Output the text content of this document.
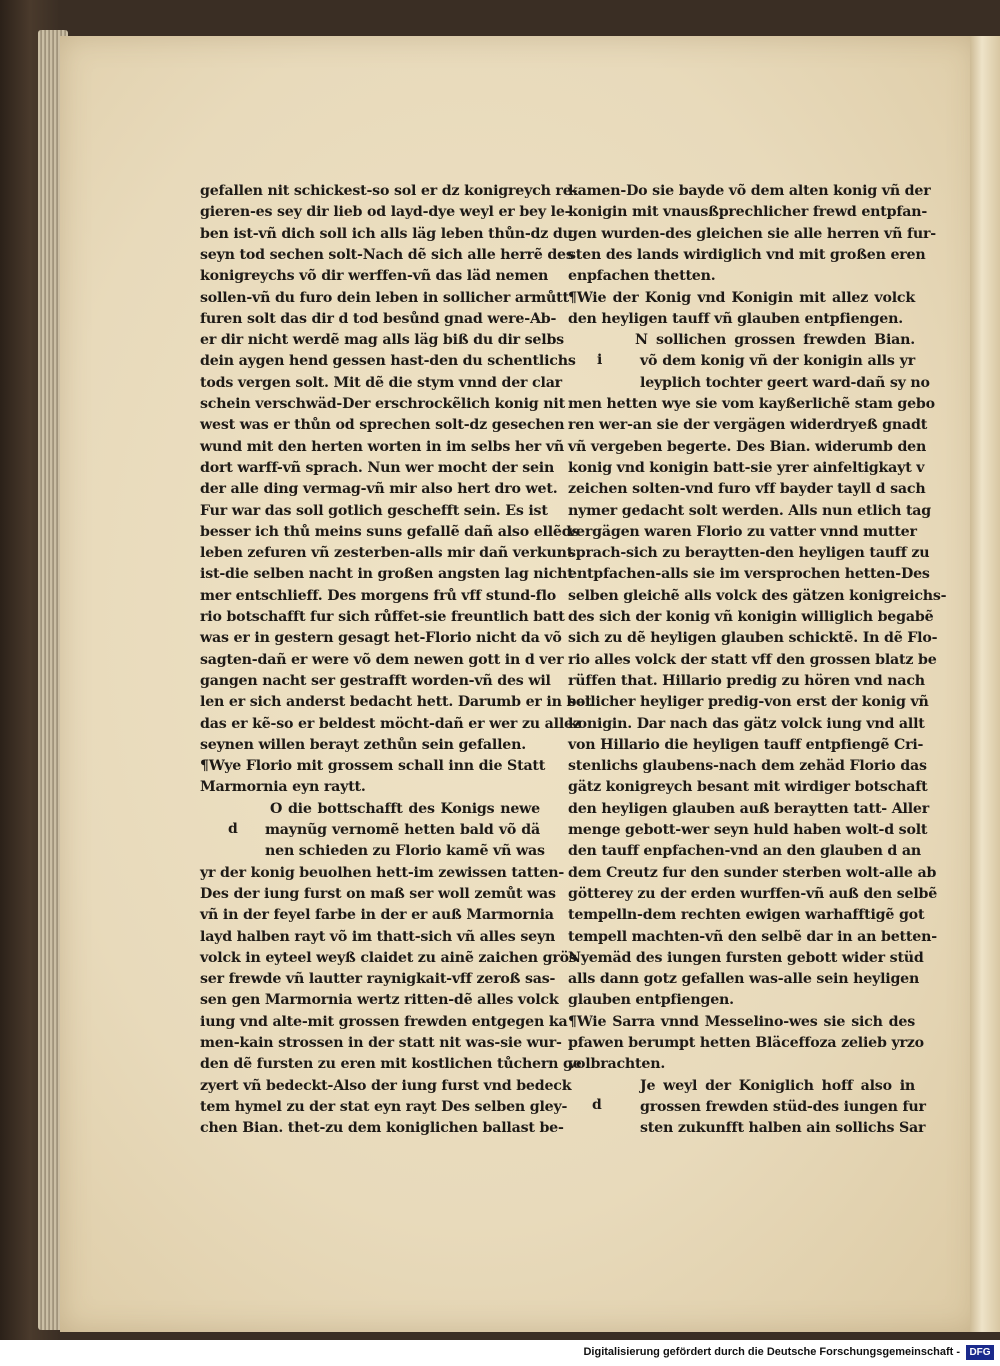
gefallen nit schickest-so sol er dz konigreych re-
gieren-es sey dir lieb od layd-dye weyl er bey le-
ben ist-vñ dich soll ich alls läg leben thůn-dz du
seyn tod sechen solt-Nach dẽ sich alle herrẽ des
konigreychs võ dir werffen-vñ das läd nemen
sollen-vñ du furo dein leben in sollicher armůtt
furen solt das dir d tod besůnd gnad were-Ab-
er dir nicht werdẽ mag alls läg biß du dir selbs
dein aygen hend gessen hast-den du schentlichs
tods vergen solt. Mit dẽ die stym vnnd der clar
schein verschwäd-Der erschrockẽlich konig nit
west was er thůn od sprechen solt-dz gesechen
wund mit den herten worten in im selbs her vñ
dort warff-vñ sprach. Nun wer mocht der sein
der alle ding vermag-vñ mir also hert dro wet.
Fur war das soll gotlich geschefft sein. Es ist
besser ich thů meins suns gefallẽ dañ also ellẽds
leben zefuren vñ zesterben-alls mir dañ verkunt
ist-die selben nacht in großen angsten lag nicht
mer entschlieff. Des morgens frů vff stund-flo
rio botschafft fur sich růffet-sie freuntlich batt
was er in gestern gesagt het-Florio nicht da võ
sagten-dañ er were võ dem newen gott in d ver
gangen nacht ser gestrafft worden-vñ des wil
len er sich anderst bedacht hett. Darumb er in bet
das er kẽ-so er beldest möcht-dañ er wer zu allez
seynen willen berayt zethůn sein gefallen.
¶Wye Florio mit grossem schall inn die Statt
Marmornia eyn raytt.
O die bottschafft des Konigs newe
maynũg vernomẽ hetten bald võ dä
nen schieden zu Florio kamẽ vñ was
yr der konig beuolhen hett-im zewissen tatten-
Des der iung furst on maß ser woll zemůt was
vñ in der feyel farbe in der er auß Marmornia
layd halben rayt võ im thatt-sich vñ alles seyn
volck in eyteel weyß claidet zu ainẽ zaichen grös
ser frewde vñ lautter raynigkait-vff zeroß sas-
sen gen Marmornia wertz ritten-dẽ alles volck
iung vnd alte-mit grossen frewden entgegen ka
men-kain strossen in der statt nit was-sie wur-
den dẽ fursten zu eren mit kostlichen tůchern ge
zyert vñ bedeckt-Also der iung furst vnd bedeck
tem hymel zu der stat eyn rayt Des selben gley-
chen Bian. thet-zu dem koniglichen ballast be-
kamen-Do sie bayde võ dem alten konig vñ der
konigin mit vnausßprechlicher frewd entpfan-
gen wurden-des gleichen sie alle herren vñ fur-
sten des lands wirdiglich vnd mit großen eren
enpfachen thetten.
¶Wie der Konig vnd Konigin mit allez volck
den heyligen tauff vñ glauben entpfiengen.
N sollichen grossen frewden Bian.
võ dem konig vñ der konigin alls yr
leyplich tochter geert ward-dañ sy no
men hetten wye sie vom kayßerlichẽ stam gebo
ren wer-an sie der vergägen widerdryeß gnadt
vñ vergeben begerte. Des Bian. widerumb den
konig vnd konigin batt-sie yrer ainfeltigkayt v
zeichen solten-vnd furo vff bayder tayll d sach
nymer gedacht solt werden. Alls nun etlich tag
vergägen waren Florio zu vatter vnnd mutter
sprach-sich zu beraytten-den heyligen tauff zu
entpfachen-alls sie im versprochen hetten-Des
selben gleichẽ alls volck des gätzen konigreichs-
des sich der konig vñ konigin williglich begabẽ
sich zu dẽ heyligen glauben schicktẽ. In dẽ Flo-
rio alles volck der statt vff den grossen blatz be
rüffen that. Hillario predig zu hören vnd nach
sollicher heyliger predig-von erst der konig vñ
konigin. Dar nach das gätz volck iung vnd allt
von Hillario die heyligen tauff entpfiengẽ Cri-
stenlichs glaubens-nach dem zehäd Florio das
gätz konigreych besant mit wirdiger botschaft
den heyligen glauben auß beraytten tatt- Aller
menge gebott-wer seyn huld haben wolt-d solt
den tauff enpfachen-vnd an den glauben d an
dem Creutz fur den sunder sterben wolt-alle ab
götterey zu der erden wurffen-vñ auß den selbẽ
tempelln-dem rechten ewigen warhafftigẽ got
tempell machten-vñ den selbẽ dar in an betten-
Nyemäd des iungen fursten gebott wider stüd
alls dann gotz gefallen was-alle sein heyligen
glauben entpfiengen.
¶Wie Sarra vnnd Messelino-wes sie sich des
pfawen berumpt hetten Bläceffoza zelieb yrzo
volbrachten.
Je weyl der Koniglich hoff also in
grossen frewden stüd-des iungen fur
sten zukunfft halben ain sollichs Sar
d
i
d
Digitalisierung gefördert durch die Deutsche Forschungsgemeinschaft - DFG
